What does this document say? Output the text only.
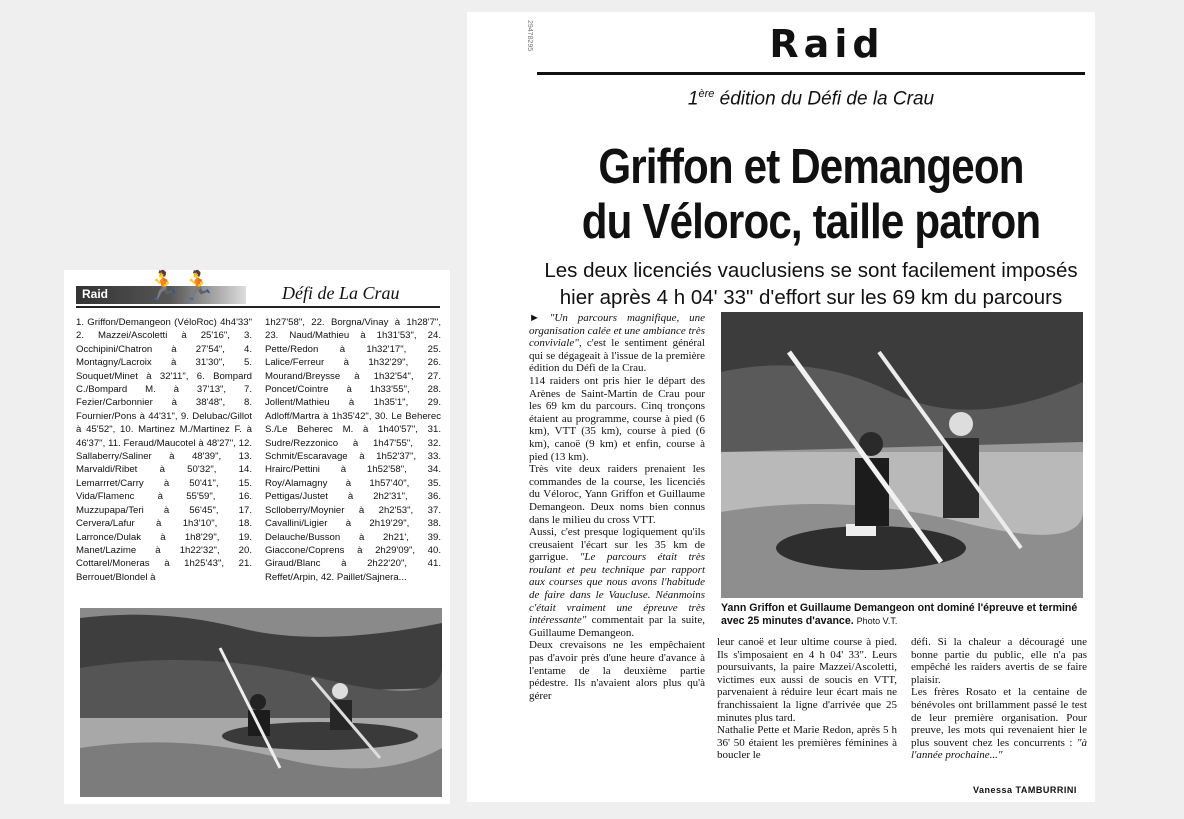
Raid 🏃🏃	Défi de La Crau
1. Griffon/Demangeon (VéloRoc) 4h4'33" 2. Mazzei/Ascoletti à 25'16", 3. Occhipini/Chatron à 27'54", 4. Montagny/Lacroix à 31'30", 5. Souquet/Minet à 32'11", 6. Bompard C./Bompard M. à 37'13", 7. Fezier/Carbonnier à 38'48", 8. Fournier/Pons à 44'31", 9. Delubac/Gillot à 45'52", 10. Martinez M./Martinez F. à 46'37", 11. Feraud/Maucotel à 48'27", 12. Sallaberry/Saliner à 48'39", 13. Marvaldi/Ribet à 50'32", 14. Lemarrret/Carry à 50'41", 15. Vida/Flamenc à 55'59", 16. Muzzupapa/Teri à 56'45", 17. Cervera/Lafur à 1h3'10", 18. Larronce/Dulak à 1h8'29", 19. Manet/Lazime à 1h22'32", 20. Cottarel/Moneras à 1h25'43", 21. Berrouet/Blondel à
1h27'58", 22. Borgna/Vinay à 1h28'7", 23. Naud/Mathieu à 1h31'53", 24. Pette/Redon à 1h32'17", 25. Lalice/Ferreur à 1h32'29", 26. Mourand/Breysse à 1h32'54", 27. Poncet/Cointre à 1h33'55", 28. Jollent/Mathieu à 1h35'1", 29. Adloff/Martra à 1h35'42", 30. Le Beherec S./Le Beherec M. à 1h40'57", 31. Sudre/Rezzonico à 1h47'55", 32. Schmit/Escaravage à 1h52'37", 33. Hrairc/Pettini à 1h52'58", 34. Roy/Alamagny à 1h57'40", 35. Pettigas/Justet à 2h2'31", 36. Sclloberry/Moynier à 2h2'53", 37. Cavallini/Ligier à 2h19'29", 38. Delauche/Busson à 2h21', 39. Giaccone/Coprens à 2h29'09", 40. Giraud/Blanc à 2h22'20", 41. Reffet/Arpin, 42. Paillet/Sajnera...
29478295	Raid
1ère édition du Défi de la Crau
Griffon et Demangeon
du Véloroc, taille patron
Les deux licenciés vauclusiens se sont facilement imposés
hier après 4 h 04' 33" d'effort sur les 69 km du parcours

► "Un parcours magnifique, une organisation calée et une ambiance très conviviale", c'est le sentiment général qui se dégageait à l'issue de la première édition du Défi de la Crau.

114 raiders ont pris hier le départ des Arènes de Saint-Martin de Crau pour les 69 km du parcours. Cinq tronçons étaient au programme, course à pied (6 km), VTT (35 km), course à pied (6 km), canoë (9 km) et enfin, course à pied (13 km).

Très vite deux raiders prenaient les commandes de la course, les licenciés du Véloroc, Yann Griffon et Guillaume Demangeon. Deux noms bien connus dans le milieu du cross VTT.

Aussi, c'est presque logiquement qu'ils creusaient l'écart sur les 35 km de garrigue. "Le parcours était très roulant et peu technique par rapport aux courses que nous avons l'habitude de faire dans le Vaucluse. Néanmoins c'était vraiment une épreuve très intéressante" commentait par la suite, Guillaume Demangeon.

Deux crevaisons ne les empêchaient pas d'avoir près d'une heure d'avance à l'entame de la deuxième partie pédestre. Ils n'avaient alors plus qu'à gérer

Yann Griffon et Guillaume Demangeon ont dominé l'épreuve et terminé avec 25 minutes d'avance. Photo V.T.
leur canoë et leur ultime course à pied. Ils s'imposaient en 4 h 04' 33". Leurs poursuivants, la paire Mazzei/Ascoletti, victimes eux aussi de soucis en VTT, parvenaient à réduire leur écart mais ne franchissaient la ligne d'arrivée que 25 minutes plus tard.
Nathalie Pette et Marie Redon, après 5 h 36' 50 étaient les premières féminines à boucler le
défi. Si la chaleur a découragé une bonne partie du public, elle n'a pas empêché les raiders avertis de se faire plaisir.
Les frères Rosato et la centaine de bénévoles ont brillamment passé le test de leur première organisation. Pour preuve, les mots qui revenaient hier le plus souvent chez les concurrents : "à l'année prochaine..."
Vanessa TAMBURRINI
